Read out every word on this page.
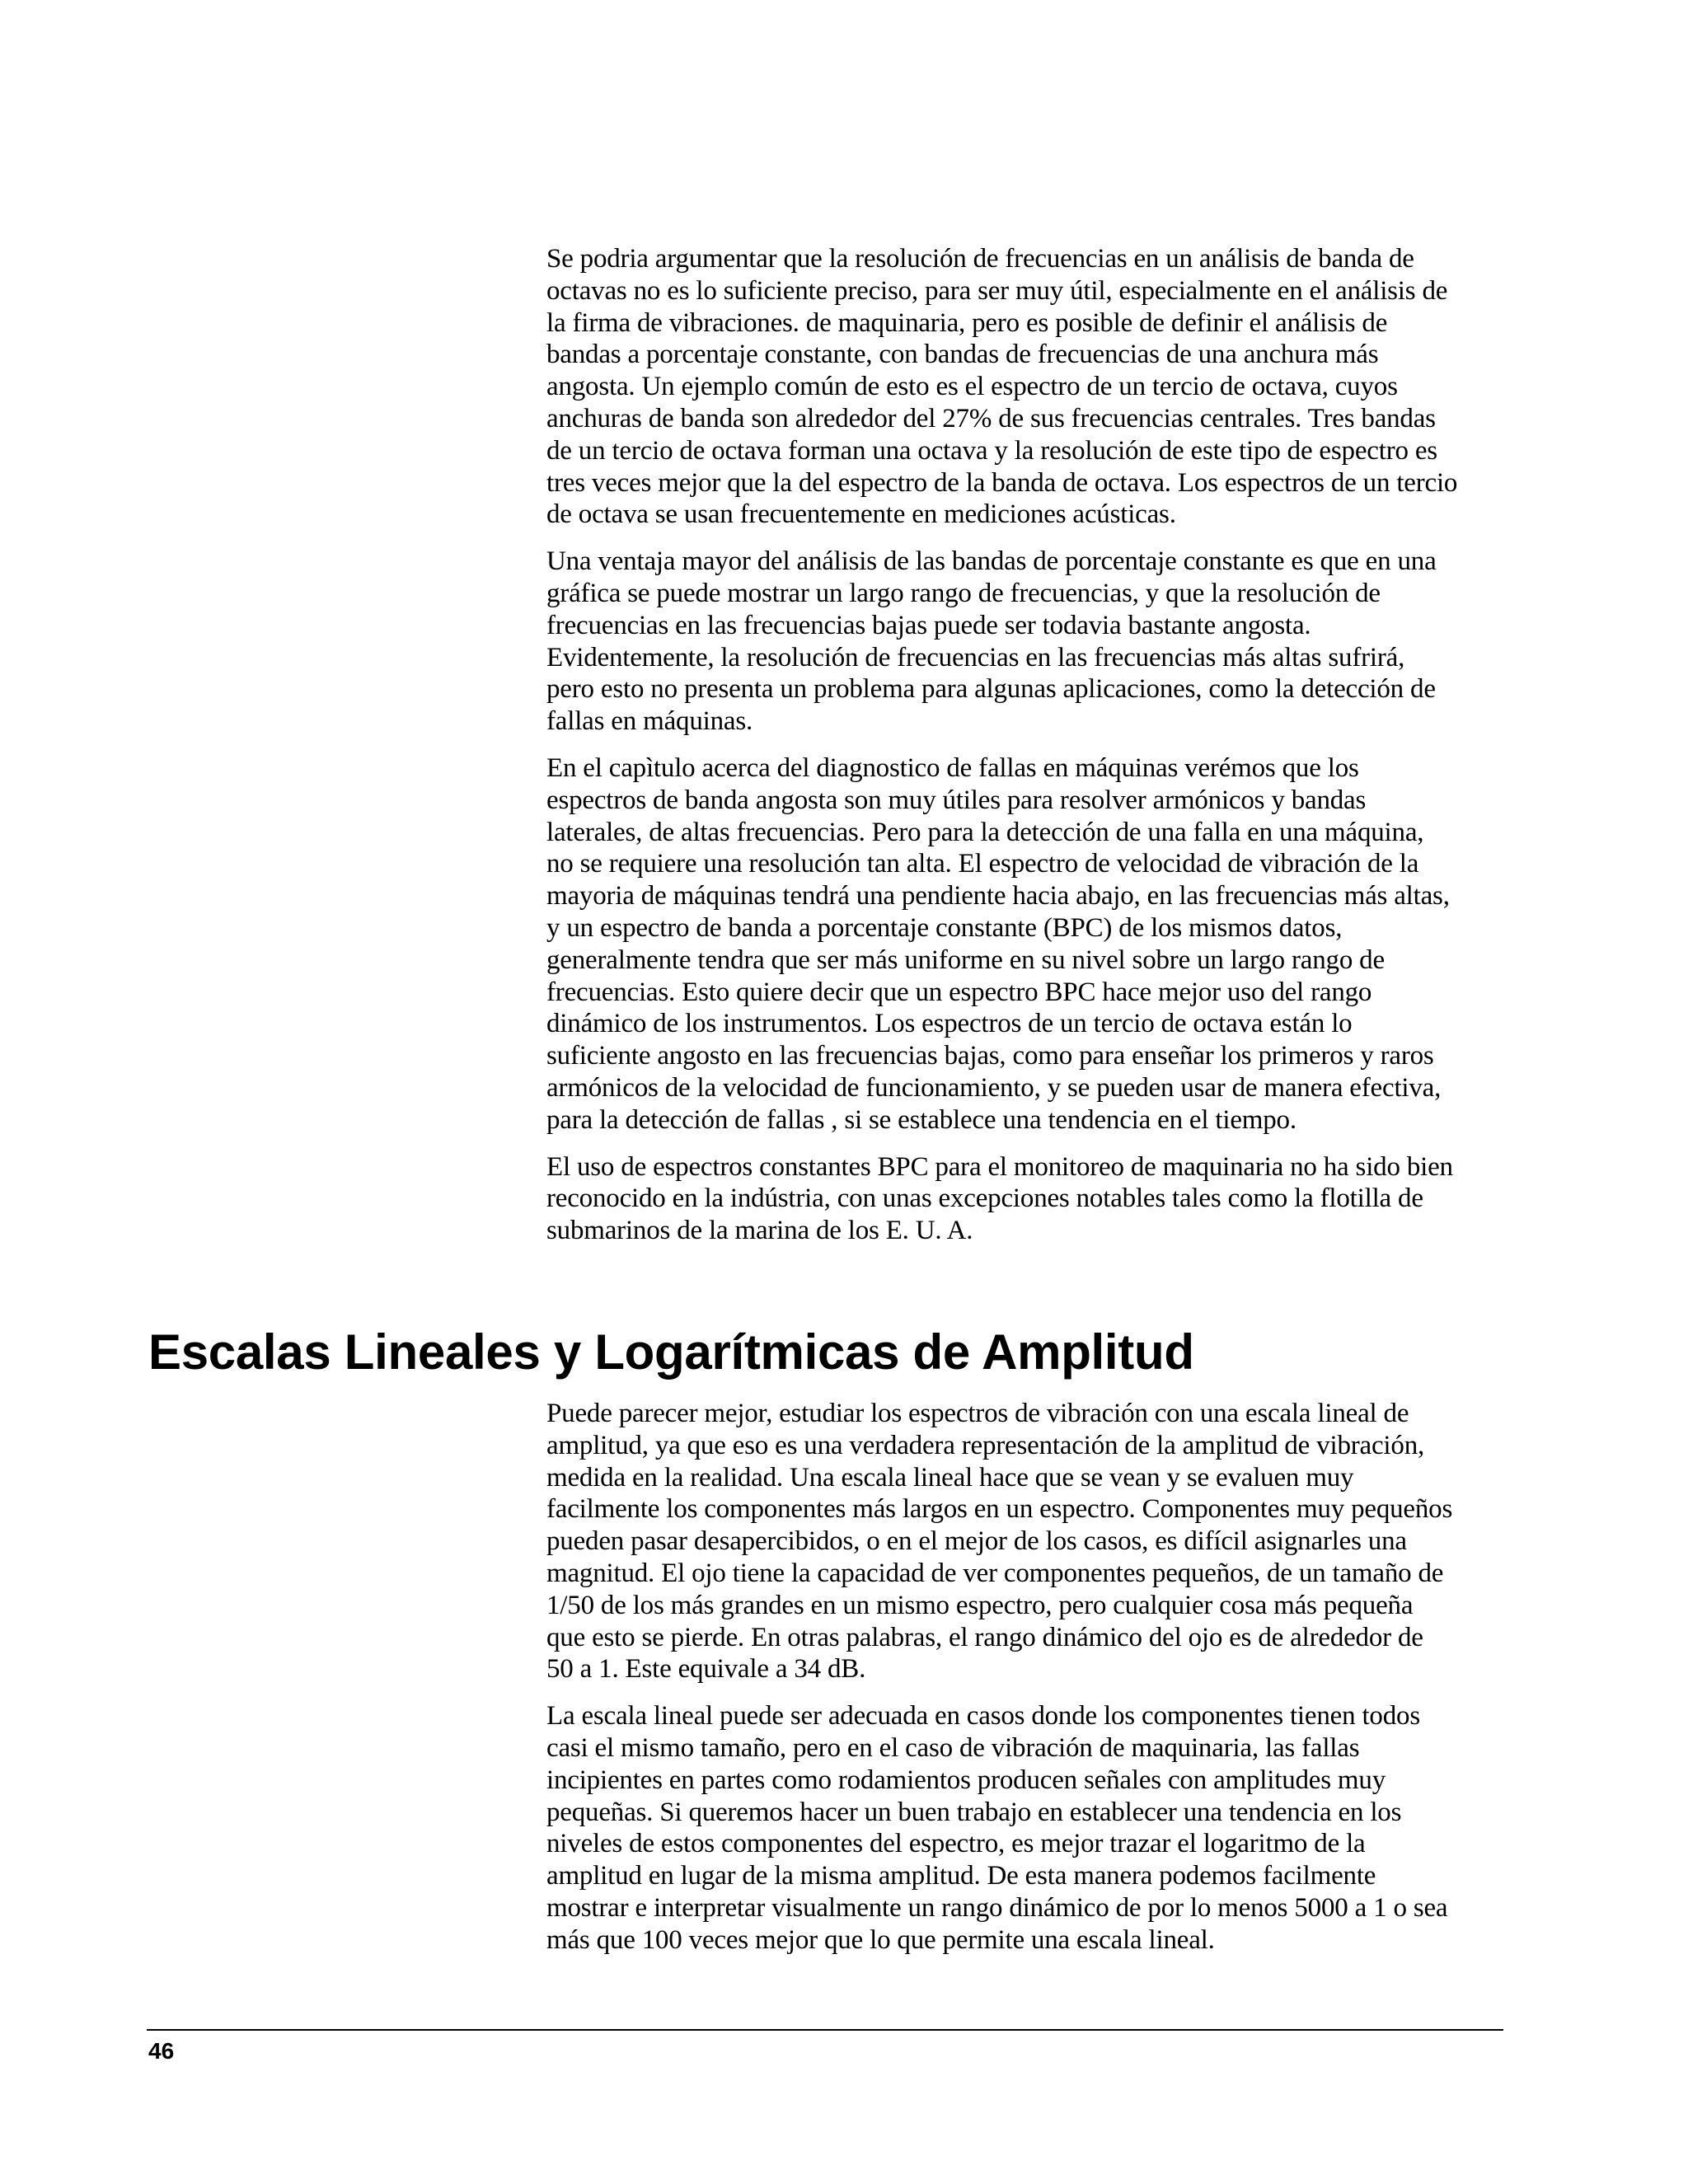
Se podria argumentar que la resolución de frecuencias en un análisis de banda de
octavas no es lo suficiente preciso, para ser muy útil, especialmente en el análisis de
la firma de vibraciones. de maquinaria, pero es posible de definir el análisis de
bandas a porcentaje constante, con bandas de frecuencias de una anchura más
angosta. Un ejemplo común de esto es el espectro de un tercio de octava, cuyos
anchuras de banda son alrededor del 27% de sus frecuencias centrales. Tres bandas
de un tercio de octava forman una octava y la resolución de este tipo de espectro es
tres veces mejor que la del espectro de la banda de octava. Los espectros de un tercio
de octava se usan frecuentemente en mediciones acústicas.

Una ventaja mayor del análisis de las bandas de porcentaje constante es que en una
gráfica se puede mostrar un largo rango de frecuencias, y que la resolución de
frecuencias en las frecuencias bajas puede ser todavia bastante angosta.
Evidentemente, la resolución de frecuencias en las frecuencias más altas sufrirá,
pero esto no presenta un problema para algunas aplicaciones, como la detección de
fallas en máquinas.

En el capìtulo acerca del diagnostico de fallas en máquinas verémos que los
espectros de banda angosta son muy útiles para resolver armónicos y bandas
laterales, de altas frecuencias. Pero para la detección de una falla en una máquina,
no se requiere una resolución tan alta. El espectro de velocidad de vibración de la
mayoria de máquinas tendrá una pendiente hacia abajo, en las frecuencias más altas,
y un espectro de banda a porcentaje constante (BPC) de los mismos datos,
generalmente tendra que ser más uniforme en su nivel sobre un largo rango de
frecuencias. Esto quiere decir que un espectro BPC hace mejor uso del rango
dinámico de los instrumentos. Los espectros de un tercio de octava están lo
suficiente angosto en las frecuencias bajas, como para enseñar los primeros y raros
armónicos de la velocidad de funcionamiento, y se pueden usar de manera efectiva,
para la detección de fallas , si se establece una tendencia en el tiempo.

El uso de espectros constantes BPC para el monitoreo de maquinaria no ha sido bien
reconocido en la indústria, con unas excepciones notables tales como la flotilla de
submarinos de la marina de los E. U. A.

Escalas Lineales y Logarítmicas de Amplitud

Puede parecer mejor, estudiar los espectros de vibración con una escala lineal de
amplitud, ya que eso es una verdadera representación de la amplitud de vibración,
medida en la realidad. Una escala lineal hace que se vean y se evaluen muy
facilmente los componentes más largos en un espectro. Componentes muy pequeños
pueden pasar desapercibidos, o en el mejor de los casos, es difícil asignarles una
magnitud. El ojo tiene la capacidad de ver componentes pequeños, de un tamaño de
1/50 de los más grandes en un mismo espectro, pero cualquier cosa más pequeña
que esto se pierde. En otras palabras, el rango dinámico del ojo es de alrededor de
50 a 1. Este equivale a 34 dB.

La escala lineal puede ser adecuada en casos donde los componentes tienen todos
casi el mismo tamaño, pero en el caso de vibración de maquinaria, las fallas
incipientes en partes como rodamientos producen señales con amplitudes muy
pequeñas. Si queremos hacer un buen trabajo en establecer una tendencia en los
niveles de estos componentes del espectro, es mejor trazar el logaritmo de la
amplitud en lugar de la misma amplitud. De esta manera podemos facilmente
mostrar e interpretar visualmente un rango dinámico de por lo menos 5000 a 1 o sea
más que 100 veces mejor que lo que permite una escala lineal.

46
